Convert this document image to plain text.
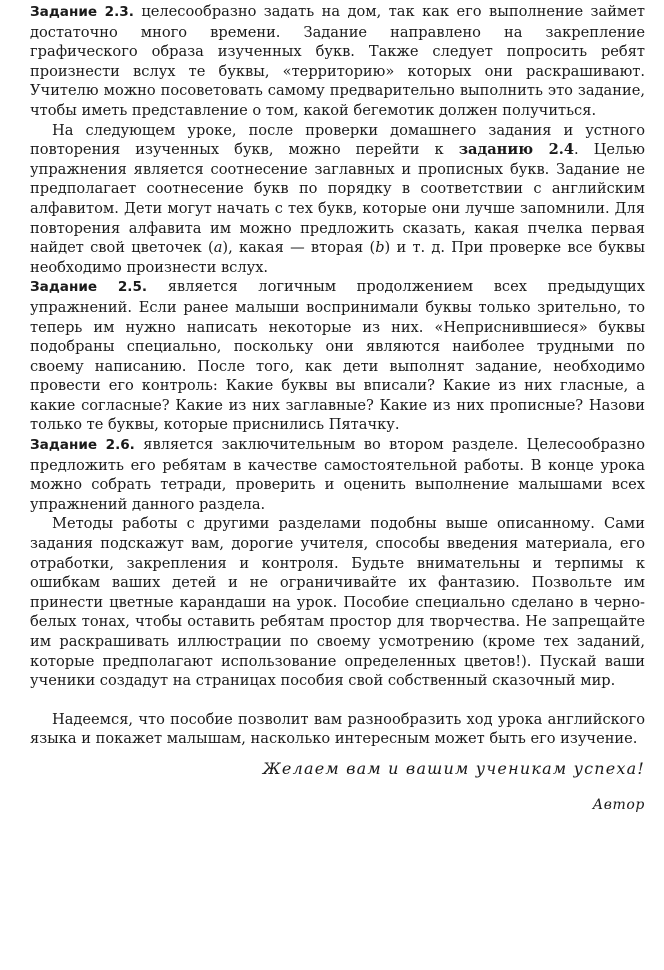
Задание 2.3. целесообразно задать на дом, так как его выполнение займет достаточно много времени. Задание направлено на закрепление графического образа изученных букв. Также следует попросить ребят произнести вслух те буквы, «территорию» которых они раскрашивают. Учителю можно посоветовать самому предварительно выполнить это задание, чтобы иметь представление о том, какой бегемотик должен получиться.

На следующем уроке, после проверки домашнего задания и устного повторения изученных букв, можно перейти к заданию 2.4. Целью упражнения является соотнесение заглавных и прописных букв. Задание не предполагает соотнесение букв по порядку в соответствии с английским алфавитом. Дети могут начать с тех букв, которые они лучше запомнили. Для повторения алфавита им можно предложить сказать, какая пчелка первая найдет свой цветочек (a), какая — вторая (b) и т. д. При проверке все буквы необходимо произнести вслух.

Задание 2.5. является логичным продолжением всех предыдущих упражнений. Если ранее малыши воспринимали буквы только зрительно, то теперь им нужно написать некоторые из них. «Неприснившиеся» буквы подобраны специально, поскольку они являются наиболее трудными по своему написанию. После того, как дети выполнят задание, необходимо провести его контроль: Какие буквы вы вписали? Какие из них гласные, а какие согласные? Какие из них заглавные? Какие из них прописные? Назови только те буквы, которые приснились Пятачку.

Задание 2.6. является заключительным во втором разделе. Целесообразно предложить его ребятам в качестве самостоятельной работы. В конце урока можно собрать тетради, проверить и оценить выполнение малышами всех упражнений данного раздела.

Методы работы с другими разделами подобны выше описанному. Сами задания подскажут вам, дорогие учителя, способы введения материала, его отработки, закрепления и контроля. Будьте внимательны и терпимы к ошибкам ваших детей и не ограничивайте их фантазию. Позвольте им принести цветные карандаши на урок. Пособие специально сделано в черно-белых тонах, чтобы оставить ребятам простор для творчества. Не запрещайте им раскрашивать иллюстрации по своему усмотрению (кроме тех заданий, которые предполагают использование определенных цветов!). Пускай ваши ученики создадут на страницах пособия свой собственный сказочный мир.

Надеемся, что пособие позволит вам разнообразить ход урока английского языка и покажет малышам, насколько интересным может быть его изучение.

Желаем вам и вашим ученикам успеха!
Автор
